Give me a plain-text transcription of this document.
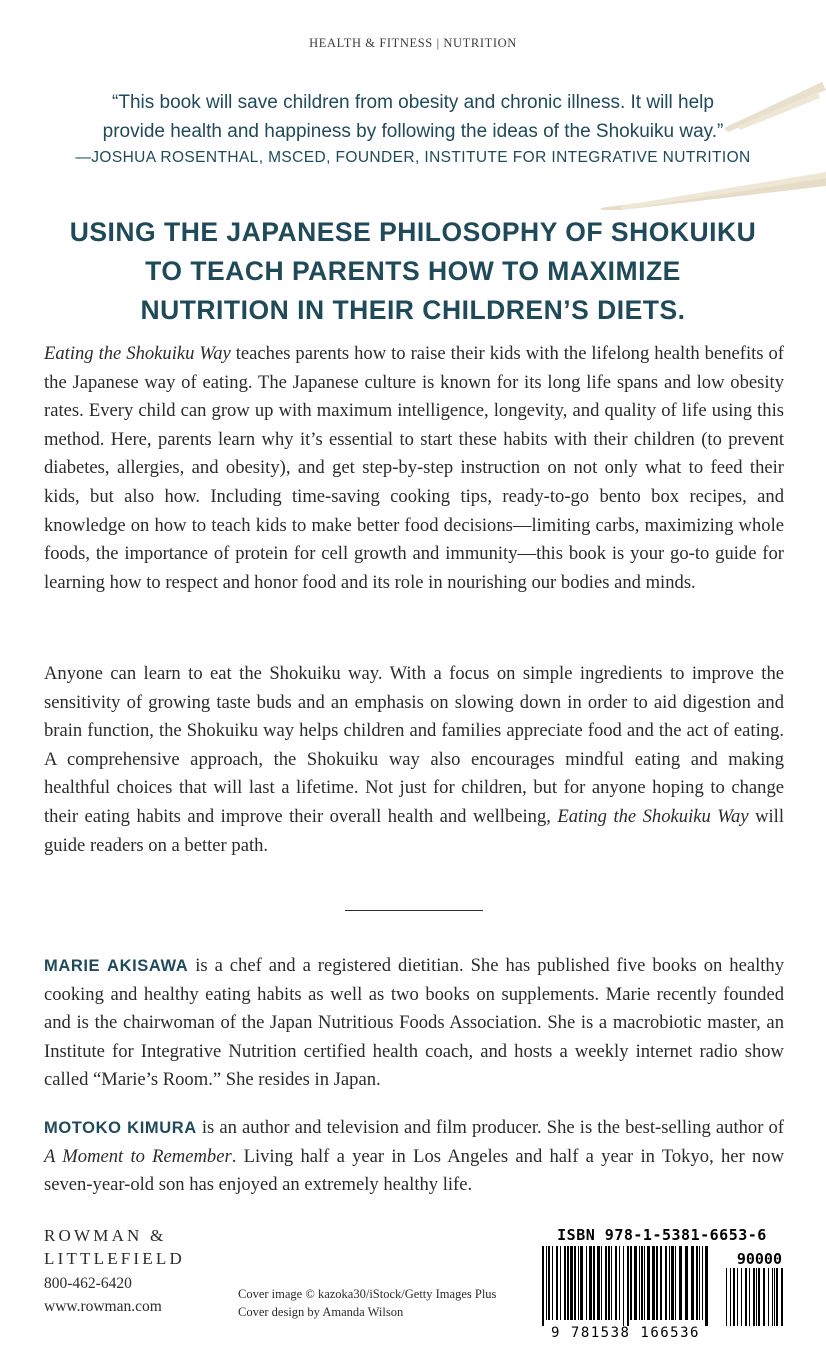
HEALTH & FITNESS | NUTRITION
“This book will save children from obesity and chronic illness. It will help
provide health and happiness by following the ideas of the Shokuiku way.”
—JOSHUA ROSENTHAL, MSCED, FOUNDER, INSTITUTE FOR INTEGRATIVE NUTRITION
USING THE JAPANESE PHILOSOPHY OF SHOKUIKU
TO TEACH PARENTS HOW TO MAXIMIZE
NUTRITION IN THEIR CHILDREN’S DIETS.

Eating the Shokuiku Way teaches parents how to raise their kids with the lifelong health benefits of the Japanese way of eating. The Japanese culture is known for its long life spans and low obesity rates. Every child can grow up with maximum intelligence, longevity, and quality of life using this method. Here, parents learn why it’s essential to start these habits with their children (to prevent diabetes, allergies, and obesity), and get step-by-step instruction on not only what to feed their kids, but also how. Including time-saving cooking tips, ready-to-go bento box recipes, and knowledge on how to teach kids to make better food decisions—limiting carbs, maximizing whole foods, the importance of protein for cell growth and immunity—this book is your go-to guide for learning how to respect and honor food and its role in nourishing our bodies and minds.

Anyone can learn to eat the Shokuiku way. With a focus on simple ingredients to improve the sensitivity of growing taste buds and an emphasis on slowing down in order to aid digestion and brain function, the Shokuiku way helps children and families appreciate food and the act of eating. A comprehensive approach, the Shokuiku way also encourages mindful eating and making healthful choices that will last a lifetime. Not just for children, but for anyone hoping to change their eating habits and improve their overall health and wellbeing, Eating the Shokuiku Way will guide readers on a better path.

MARIE AKISAWA is a chef and a registered dietitian. She has published five books on healthy cooking and healthy eating habits as well as two books on supplements. Marie recently founded and is the chairwoman of the Japan Nutritious Foods Association. She is a macrobiotic master, an Institute for Integrative Nutrition certified health coach, and hosts a weekly internet radio show called “Marie’s Room.” She resides in Japan.

MOTOKO KIMURA is an author and television and film producer. She is the best-selling author of A Moment to Remember. Living half a year in Los Angeles and half a year in Tokyo, her now seven-year-old son has enjoyed an extremely healthy life.

ROWMAN &
LITTLEFIELD
800-462-6420
www.rowman.com
Cover image © kazoka30/iStock/Getty Images Plus
Cover design by Amanda Wilson
ISBN 978-1-5381-6653-6
90000
9 781538 166536
